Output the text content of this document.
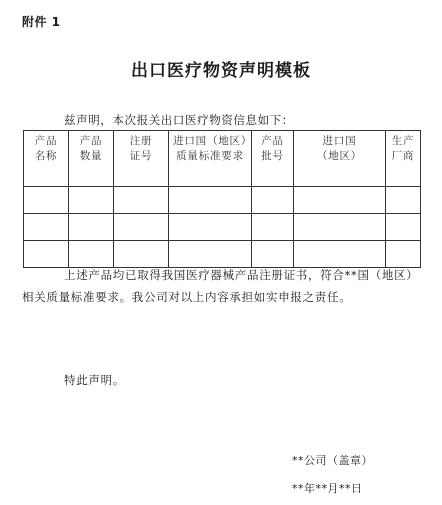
附件 1
出口医疗物资声明模板
兹声明，本次报关出口医疗物资信息如下：
产品名称	产品数量	注册证号	进口国（地区）质量标准要求	产品批号	进口国（地区）	生产厂商

上述产品均已取得我国医疗器械产品注册证书，符合**国（地区）相关质量标准要求。我公司对以上内容承担如实申报之责任。
特此声明。
**公司（盖章）
**年**月**日
